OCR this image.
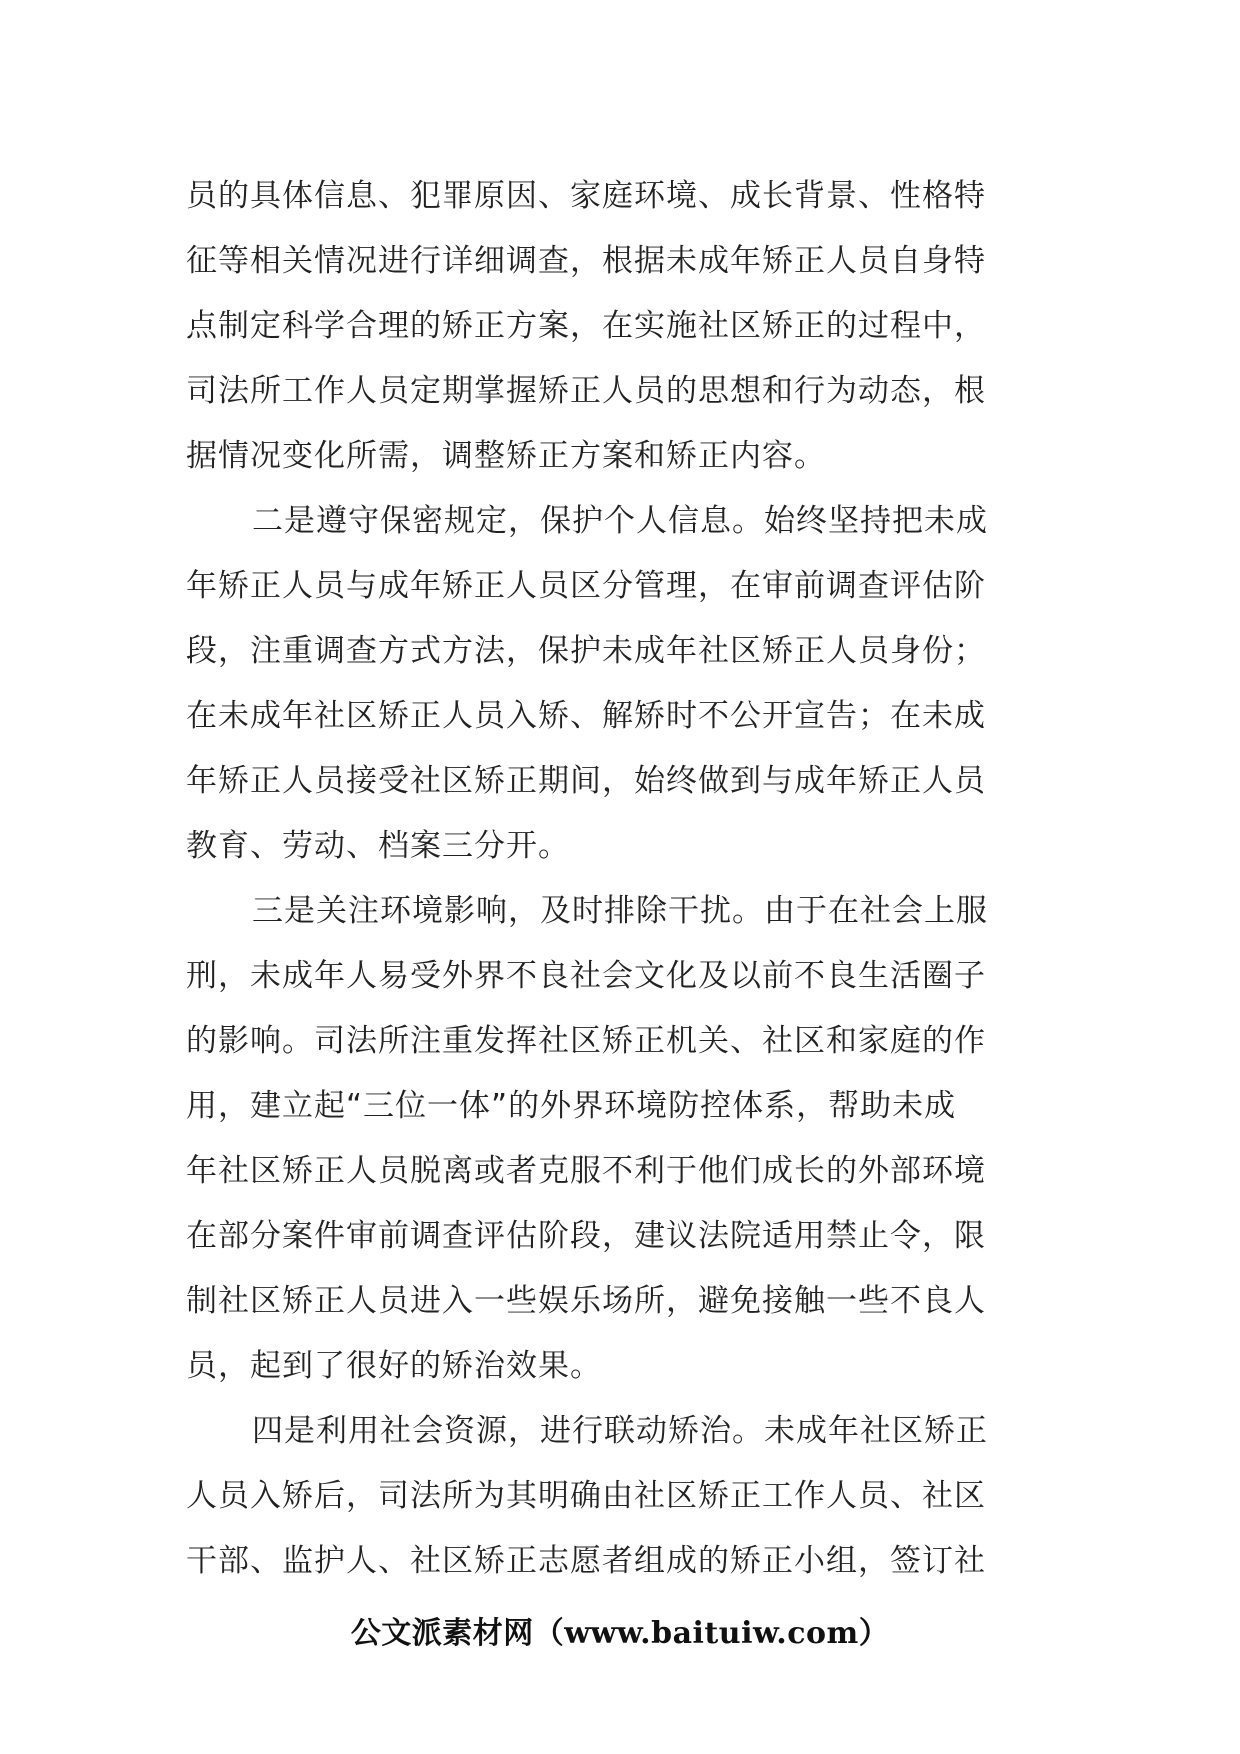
员的具体信息、犯罪原因、家庭环境、成长背景、性格特
征等相关情况进行详细调查，根据未成年矫正人员自身特
点制定科学合理的矫正方案，在实施社区矫正的过程中，
司法所工作人员定期掌握矫正人员的思想和行为动态，根
据情况变化所需，调整矫正方案和矫正内容。
二是遵守保密规定，保护个人信息。始终坚持把未成
年矫正人员与成年矫正人员区分管理，在审前调查评估阶
段，注重调查方式方法，保护未成年社区矫正人员身份；
在未成年社区矫正人员入矫、解矫时不公开宣告；在未成
年矫正人员接受社区矫正期间，始终做到与成年矫正人员
教育、劳动、档案三分开。
三是关注环境影响，及时排除干扰。由于在社会上服
刑，未成年人易受外界不良社会文化及以前不良生活圈子
的影响。司法所注重发挥社区矫正机关、社区和家庭的作
用，建立起“三位一体”的外界环境防控体系，帮助未成
年社区矫正人员脱离或者克服不利于他们成长的外部环境
在部分案件审前调查评估阶段，建议法院适用禁止令，限
制社区矫正人员进入一些娱乐场所，避免接触一些不良人
员，起到了很好的矫治效果。
四是利用社会资源，进行联动矫治。未成年社区矫正
人员入矫后，司法所为其明确由社区矫正工作人员、社区
干部、监护人、社区矫正志愿者组成的矫正小组，签订社
公文派素材网（www.baituiw.com）
